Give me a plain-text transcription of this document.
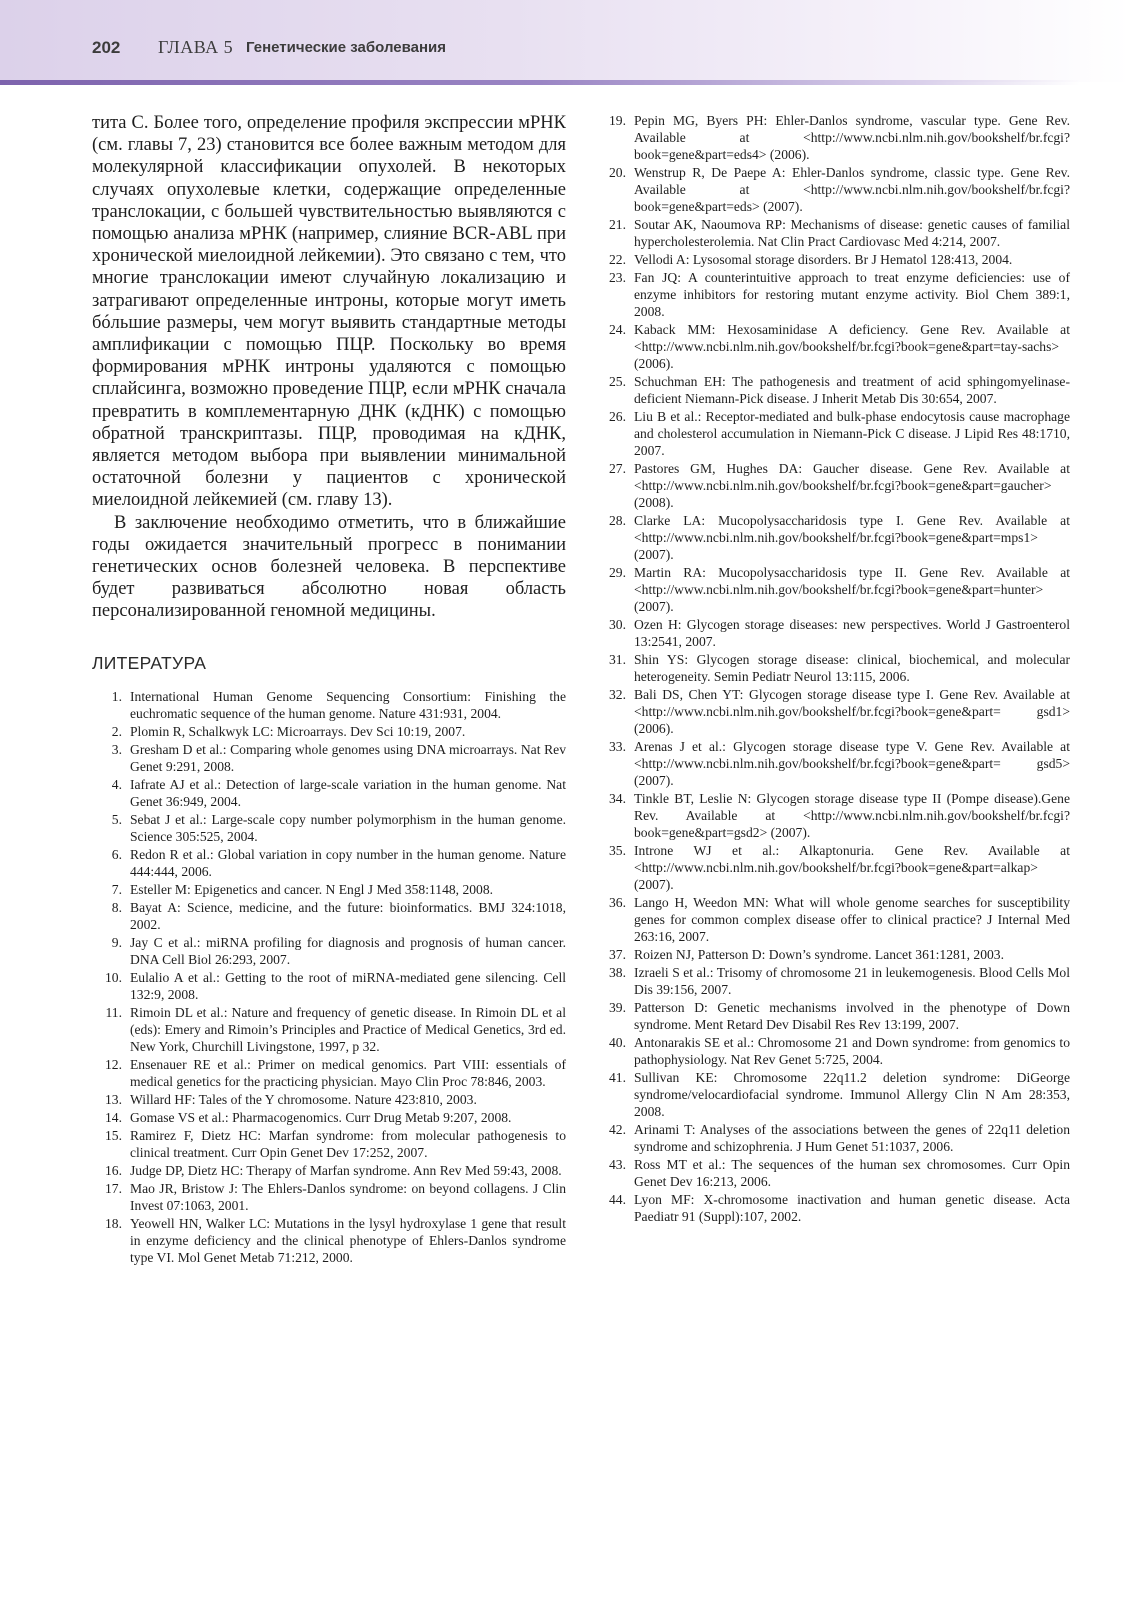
202 ГЛАВА 5 Генетические заболевания

тита С. Более того, определение профиля экспрессии мРНК (см. главы 7, 23) становится все более важным методом для молекулярной классификации опухолей. В некоторых случаях опухолевые клетки, содержащие определенные транслокации, с большей чувствительностью выявляются с помощью анализа мРНК (например, слияние BCR-ABL при хронической миелоидной лейкемии). Это связано с тем, что многие транслокации имеют случайную локализацию и затрагивают определенные интроны, которые могут иметь бóльшие размеры, чем могут выявить стандартные методы амплификации с помощью ПЦР. Поскольку во время формирования мРНК интроны удаляются с помощью сплайсинга, возможно проведение ПЦР, если мРНК сначала превратить в комплементарную ДНК (кДНК) с помощью обратной транскриптазы. ПЦР, проводимая на кДНК, является методом выбора при выявлении минимальной остаточной болезни у пациентов с хронической миелоидной лейкемией (см. главу 13).

В заключение необходимо отметить, что в ближайшие годы ожидается значительный прогресс в понимании генетических основ болезней человека. В перспективе будет развиваться абсолютно новая область персонализированной геномной медицины.

ЛИТЕРАТУРА
1. International Human Genome Sequencing Consortium: Finishing the euchromatic sequence of the human genome. Nature 431:931, 2004.
2. Plomin R, Schalkwyk LC: Microarrays. Dev Sci 10:19, 2007.
3. Gresham D et al.: Comparing whole genomes using DNA microarrays. Nat Rev Genet 9:291, 2008.
4. Iafrate AJ et al.: Detection of large-scale variation in the human genome. Nat Genet 36:949, 2004.
5. Sebat J et al.: Large-scale copy number polymorphism in the human genome. Science 305:525, 2004.
6. Redon R et al.: Global variation in copy number in the human genome. Nature 444:444, 2006.
7. Esteller M: Epigenetics and cancer. N Engl J Med 358:1148, 2008.
8. Bayat A: Science, medicine, and the future: bioinformatics. BMJ 324:1018, 2002.
9. Jay C et al.: miRNA profiling for diagnosis and prognosis of human cancer. DNA Cell Biol 26:293, 2007.
10. Eulalio A et al.: Getting to the root of miRNA-mediated gene silencing. Cell 132:9, 2008.
11. Rimoin DL et al.: Nature and frequency of genetic disease. In Rimoin DL et al (eds): Emery and Rimoin’s Principles and Practice of Medical Genetics, 3rd ed. New York, Churchill Livingstone, 1997, p 32.
12. Ensenauer RE et al.: Primer on medical genomics. Part VIII: essentials of medical genetics for the practicing physician. Mayo Clin Proc 78:846, 2003.
13. Willard HF: Tales of the Y chromosome. Nature 423:810, 2003.
14. Gomase VS et al.: Pharmacogenomics. Curr Drug Metab 9:207, 2008.
15. Ramirez F, Dietz HC: Marfan syndrome: from molecular pathogenesis to clinical treatment. Curr Opin Genet Dev 17:252, 2007.
16. Judge DP, Dietz HC: Therapy of Marfan syndrome. Ann Rev Med 59:43, 2008.
17. Mao JR, Bristow J: The Ehlers-Danlos syndrome: on beyond collagens. J Clin Invest 07:1063, 2001.
18. Yeowell HN, Walker LC: Mutations in the lysyl hydroxylase 1 gene that result in enzyme deficiency and the clinical phenotype of Ehlers-Danlos syndrome type VI. Mol Genet Metab 71:212, 2000.
19. Pepin MG, Byers PH: Ehler-Danlos syndrome, vascular type. Gene Rev. Available at <http://www.ncbi.nlm.nih.gov/bookshelf/br.fcgi?book=gene&part=eds4> (2006).
20. Wenstrup R, De Paepe A: Ehler-Danlos syndrome, classic type. Gene Rev. Available at <http://www.ncbi.nlm.nih.gov/bookshelf/br.fcgi?book=gene&part=eds> (2007).
21. Soutar AK, Naoumova RP: Mechanisms of disease: genetic causes of familial hypercholesterolemia. Nat Clin Pract Cardiovasc Med 4:214, 2007.
22. Vellodi A: Lysosomal storage disorders. Br J Hematol 128:413, 2004.
23. Fan JQ: A counterintuitive approach to treat enzyme deficiencies: use of enzyme inhibitors for restoring mutant enzyme activity. Biol Chem 389:1, 2008.
24. Kaback MM: Hexosaminidase A deficiency. Gene Rev. Available at <http://www.ncbi.nlm.nih.gov/bookshelf/br.fcgi?book=gene&part=tay-sachs> (2006).
25. Schuchman EH: The pathogenesis and treatment of acid sphingomyelinase-deficient Niemann-Pick disease. J Inherit Metab Dis 30:654, 2007.
26. Liu B et al.: Receptor-mediated and bulk-phase endocytosis cause macrophage and cholesterol accumulation in Niemann-Pick C disease. J Lipid Res 48:1710, 2007.
27. Pastores GM, Hughes DA: Gaucher disease. Gene Rev. Available at <http://www.ncbi.nlm.nih.gov/bookshelf/br.fcgi?book=gene&part=gaucher> (2008).
28. Clarke LA: Mucopolysaccharidosis type I. Gene Rev. Available at <http://www.ncbi.nlm.nih.gov/bookshelf/br.fcgi?book=gene&part=mps1> (2007).
29. Martin RA: Mucopolysaccharidosis type II. Gene Rev. Available at <http://www.ncbi.nlm.nih.gov/bookshelf/br.fcgi?book=gene&part=hunter> (2007).
30. Ozen H: Glycogen storage diseases: new perspectives. World J Gastroenterol 13:2541, 2007.
31. Shin YS: Glycogen storage disease: clinical, biochemical, and molecular heterogeneity. Semin Pediatr Neurol 13:115, 2006.
32. Bali DS, Chen YT: Glycogen storage disease type I. Gene Rev. Available at <http://www.ncbi.nlm.nih.gov/bookshelf/br.fcgi?book=gene&part= gsd1> (2006).
33. Arenas J et al.: Glycogen storage disease type V. Gene Rev. Available at <http://www.ncbi.nlm.nih.gov/bookshelf/br.fcgi?book=gene&part= gsd5> (2007).
34. Tinkle BT, Leslie N: Glycogen storage disease type II (Pompe disease).Gene Rev. Available at <http://www.ncbi.nlm.nih.gov/bookshelf/br.fcgi? book=gene&part=gsd2> (2007).
35. Introne WJ et al.: Alkaptonuria. Gene Rev. Available at <http://www.ncbi.nlm.nih.gov/bookshelf/br.fcgi?book=gene&part=alkap> (2007).
36. Lango H, Weedon MN: What will whole genome searches for susceptibility genes for common complex disease offer to clinical practice? J Internal Med 263:16, 2007.
37. Roizen NJ, Patterson D: Down’s syndrome. Lancet 361:1281, 2003.
38. Izraeli S et al.: Trisomy of chromosome 21 in leukemogenesis. Blood Cells Mol Dis 39:156, 2007.
39. Patterson D: Genetic mechanisms involved in the phenotype of Down syndrome. Ment Retard Dev Disabil Res Rev 13:199, 2007.
40. Antonarakis SE et al.: Chromosome 21 and Down syndrome: from genomics to pathophysiology. Nat Rev Genet 5:725, 2004.
41. Sullivan KE: Chromosome 22q11.2 deletion syndrome: DiGeorge syndrome/velocardiofacial syndrome. Immunol Allergy Clin N Am 28:353, 2008.
42. Arinami T: Analyses of the associations between the genes of 22q11 deletion syndrome and schizophrenia. J Hum Genet 51:1037, 2006.
43. Ross MT et al.: The sequences of the human sex chromosomes. Curr Opin Genet Dev 16:213, 2006.
44. Lyon MF: X-chromosome inactivation and human genetic disease. Acta Paediatr 91 (Suppl):107, 2002.
